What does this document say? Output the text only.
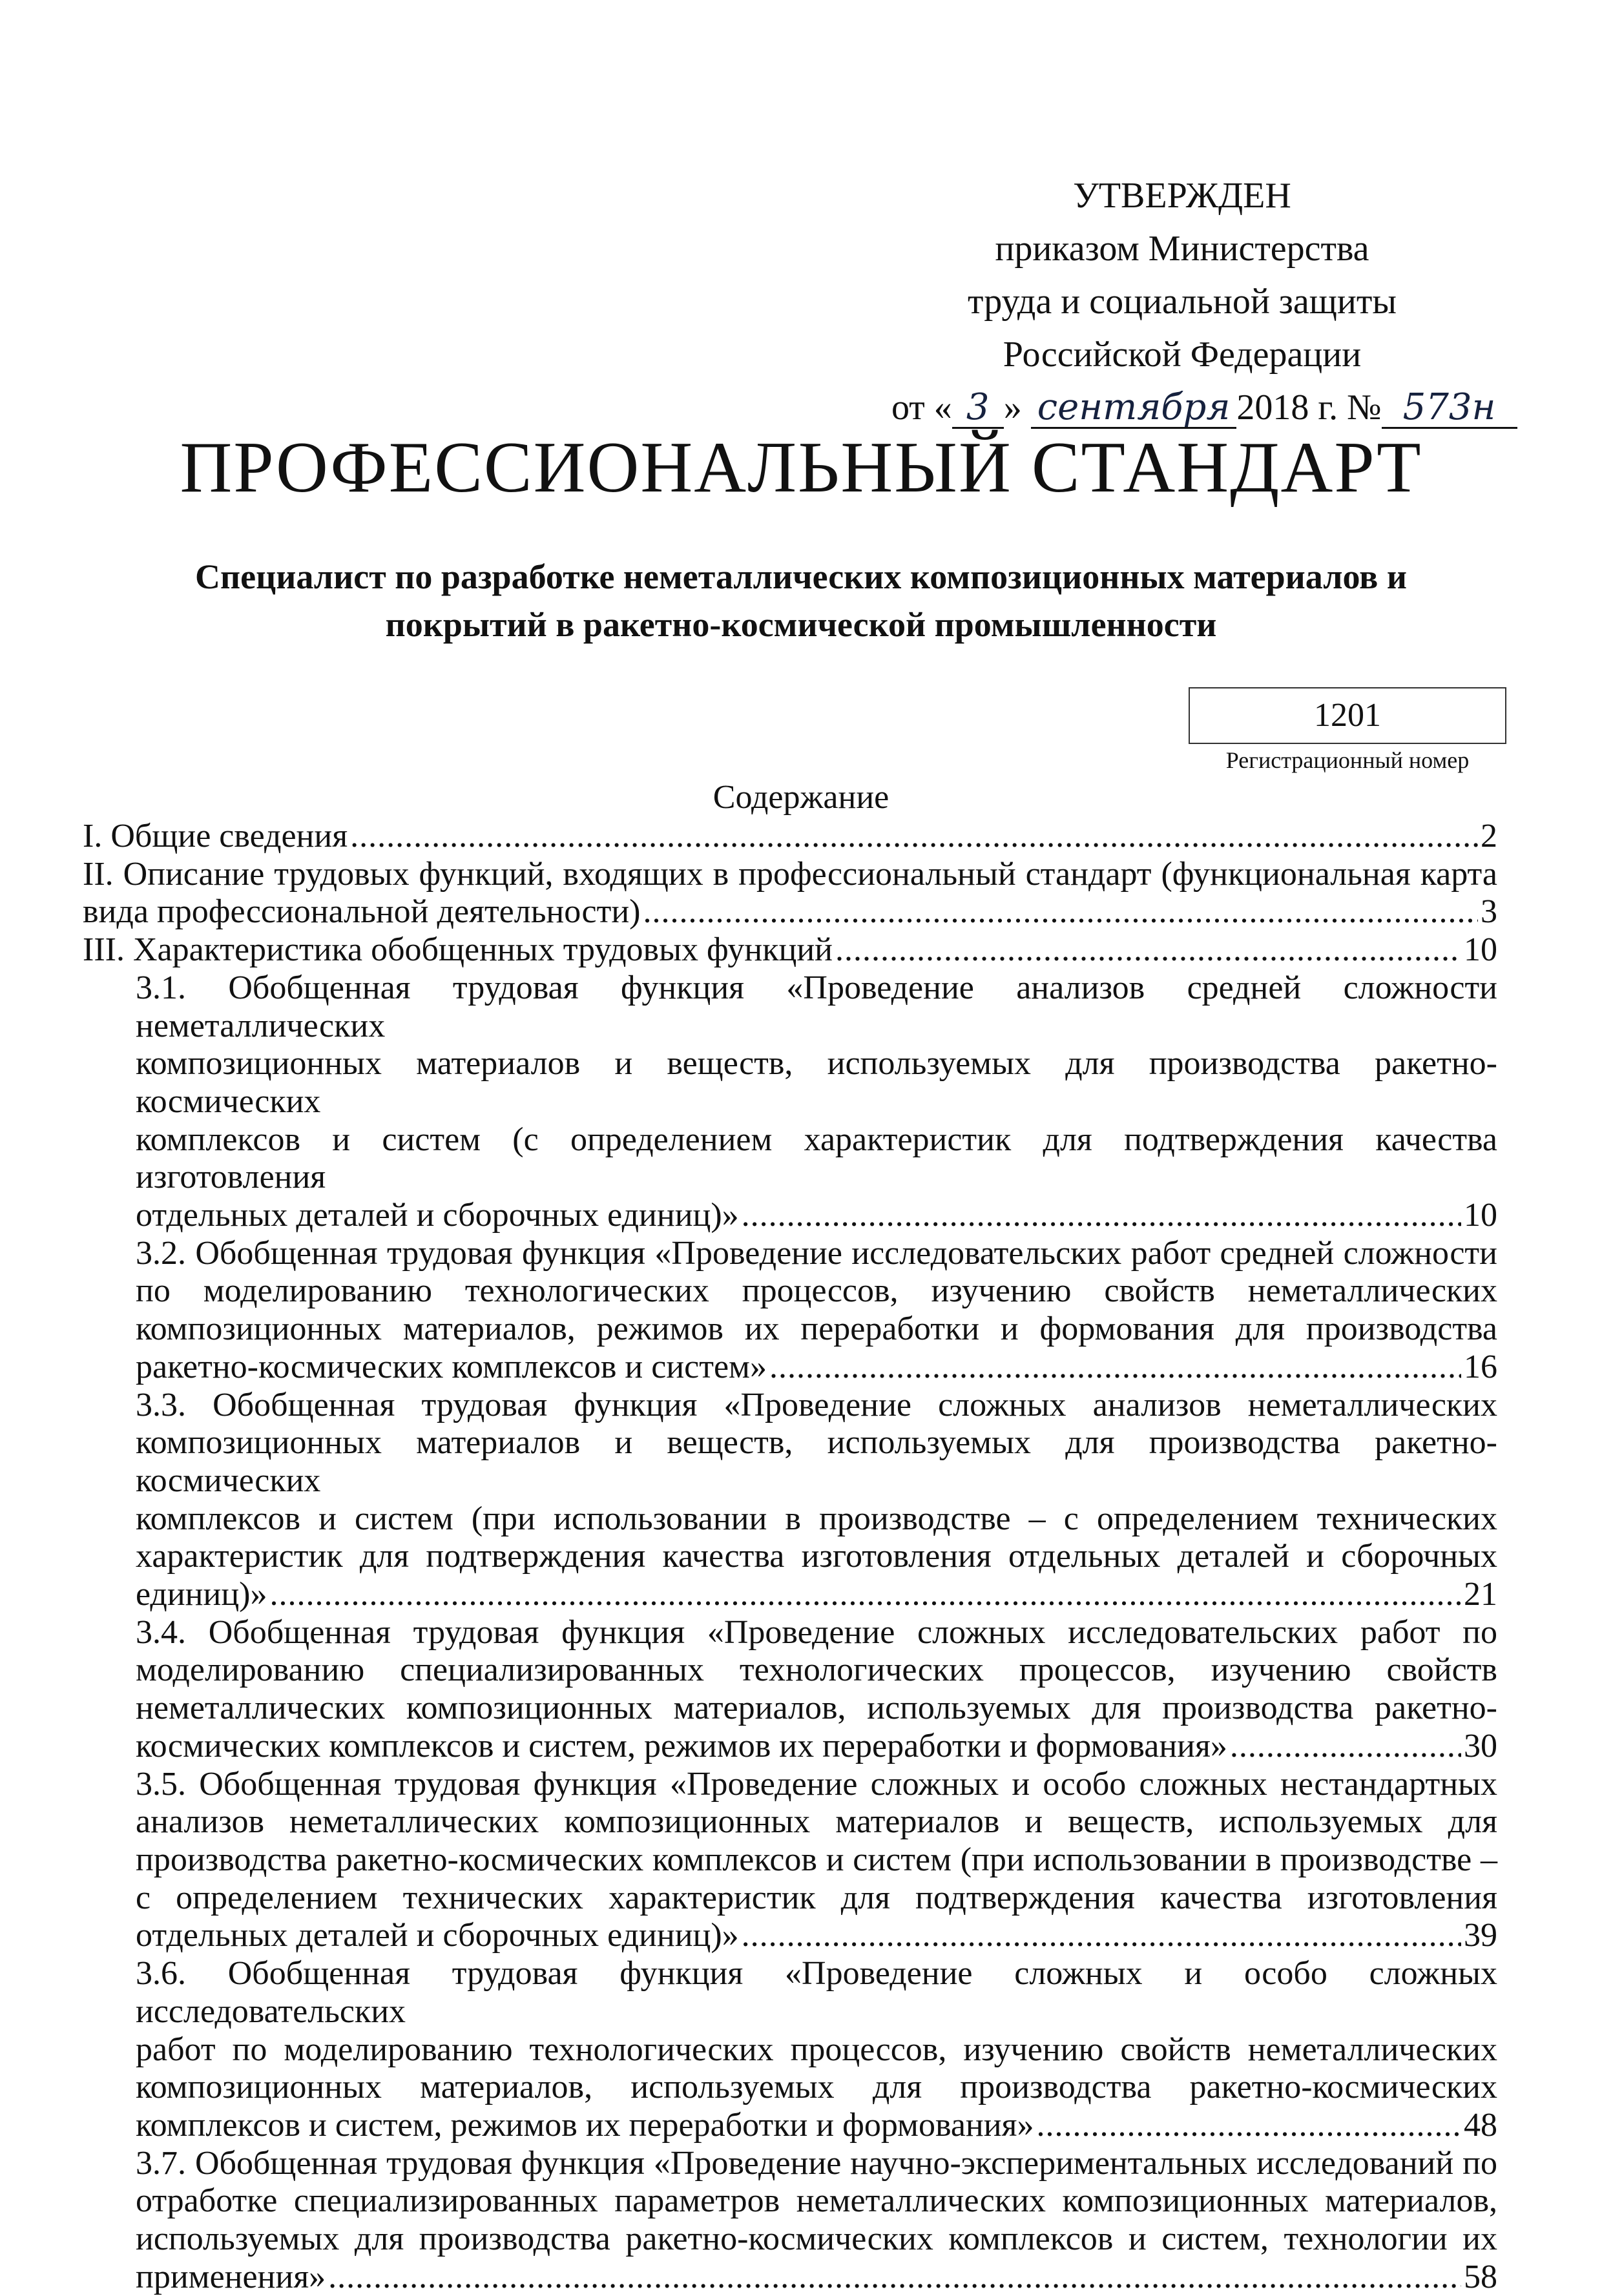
УТВЕРЖДЕН
приказом Министерства
труда и социальной защиты
Российской Федерации
от « 3 » сентября 2018 г. № 573н
ПРОФЕССИОНАЛЬНЫЙ СТАНДАРТ
Специалист по разработке неметаллических композиционных материалов и
покрытий в ракетно-космической промышленности
1201
Регистрационный номер
Содержание
I. Общие сведения .....	2
II. Описание трудовых функций, входящих в профессиональный стандарт (функциональная карта
вида профессиональной деятельности) .....	3
III. Характеристика обобщенных трудовых функций .....	10
3.1. Обобщенная трудовая функция «Проведение анализов средней сложности неметаллических
композиционных материалов и веществ, используемых для производства ракетно-космических
комплексов и систем (с определением характеристик для подтверждения качества изготовления
отдельных деталей и сборочных единиц)» .....	10
3.2. Обобщенная трудовая функция «Проведение исследовательских работ средней сложности
по моделированию технологических процессов, изучению свойств неметаллических
композиционных материалов, режимов их переработки и формования для производства
ракетно-космических комплексов и систем» .....	16
3.3. Обобщенная трудовая функция «Проведение сложных анализов неметаллических
композиционных материалов и веществ, используемых для производства ракетно-космических
комплексов и систем (при использовании в производстве – с определением технических
характеристик для подтверждения качества изготовления отдельных деталей и сборочных
единиц)» .....	21
3.4. Обобщенная трудовая функция «Проведение сложных исследовательских работ по
моделированию специализированных технологических процессов, изучению свойств
неметаллических композиционных материалов, используемых для производства ракетно-
космических комплексов и систем, режимов их переработки и формования» .....	30
3.5. Обобщенная трудовая функция «Проведение сложных и особо сложных нестандартных
анализов неметаллических композиционных материалов и веществ, используемых для
производства ракетно-космических комплексов и систем (при использовании в производстве –
с определением технических характеристик для подтверждения качества изготовления
отдельных деталей и сборочных единиц)» .....	39
3.6. Обобщенная трудовая функция «Проведение сложных и особо сложных исследовательских
работ по моделированию технологических процессов, изучению свойств неметаллических
композиционных материалов, используемых для производства ракетно-космических
комплексов и систем, режимов их переработки и формования» .....	48
3.7. Обобщенная трудовая функция «Проведение научно-экспериментальных исследований по
отработке специализированных параметров неметаллических композиционных материалов,
используемых для производства ракетно-космических комплексов и систем, технологии их
применения» .....	58
